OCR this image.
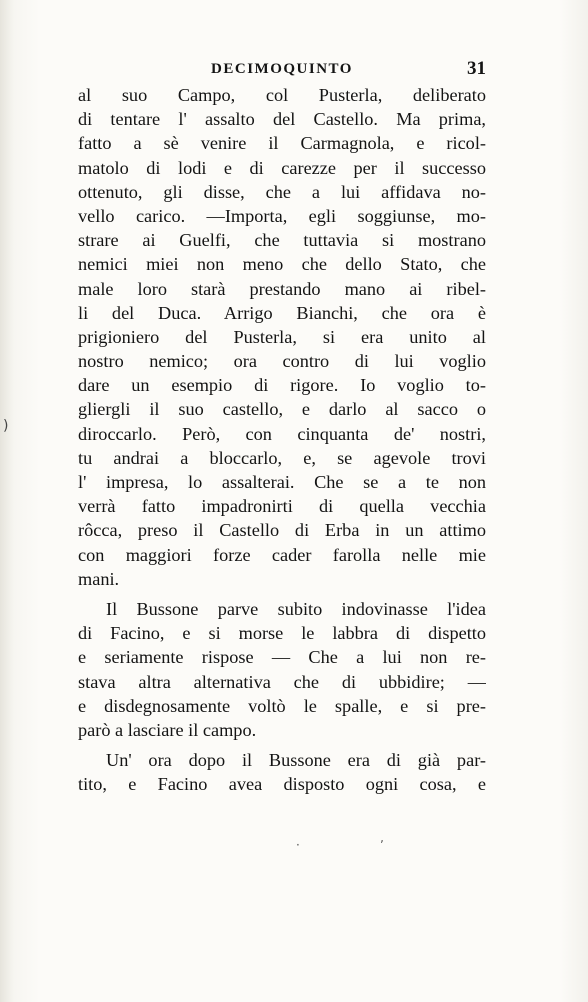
DECIMOQUINTO	31
)
al suo Campo, col Pusterla, deliberato
di tentare l' assalto del Castello. Ma prima,
fatto a sè venire il Carmagnola, e ricol-
matolo di lodi e di carezze per il successo
ottenuto, gli disse, che a lui affidava no-
vello carico. —Importa, egli soggiunse, mo-
strare ai Guelfi, che tuttavia si mostrano
nemici miei non meno che dello Stato, che
male loro starà prestando mano ai ribel-
li del Duca. Arrigo Bianchi, che ora è
prigioniero del Pusterla, si era unito al
nostro nemico; ora contro di lui voglio
dare un esempio di rigore. Io voglio to-
gliergli il suo castello, e darlo al sacco o
diroccarlo. Però, con cinquanta de' nostri,
tu andrai a bloccarlo, e, se agevole trovi
l' impresa, lo assalterai. Che se a te non
verrà fatto impadronirti di quella vecchia
rôcca, preso il Castello di Erba in un attimo
con maggiori forze cader farolla nelle mie
mani.
Il Bussone parve subito indovinasse l'idea
di Facino, e si morse le labbra di dispetto
e seriamente rispose — Che a lui non re-
stava altra alternativa che di ubbidire; —
e disdegnosamente voltò le spalle, e si pre-
parò a lasciare il campo.
Un' ora dopo il Bussone era di già par-
tito, e Facino avea disposto ogni cosa, e
·	ʼ
